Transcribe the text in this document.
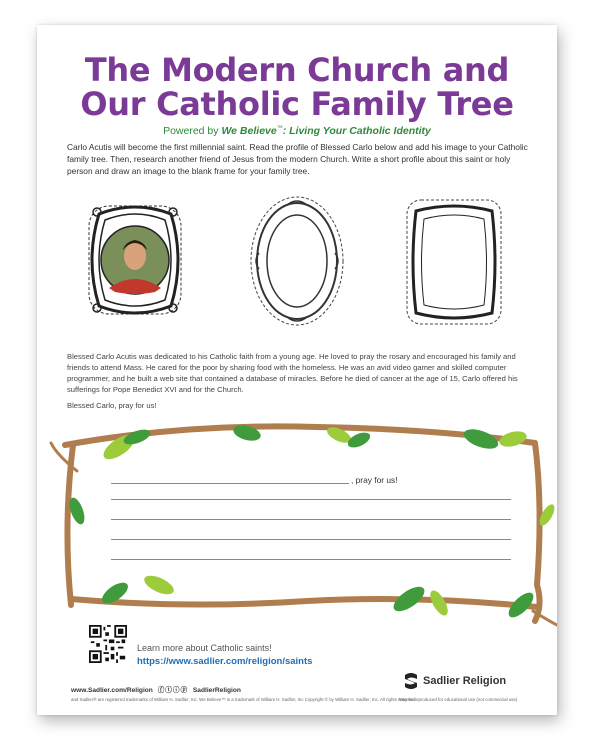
The Modern Church and
Our Catholic Family Tree
Powered by We Believe™: Living Your Catholic Identity
Carlo Acutis will become the first millennial saint. Read the profile of Blessed Carlo below and add his image to your Catholic family tree. Then, research another friend of Jesus from the modern Church. Write a short profile about this saint or holy person and draw an image to the blank frame for your family tree.

Blessed Carlo Acutis was dedicated to his Catholic faith from a young age. He loved to pray the rosary and encouraged his family and friends to attend Mass. He cared for the poor by sharing food with the homeless. He was an avid video gamer and skilled computer programmer, and he built a web site that contained a database of miracles. Before he died of cancer at the age of 15, Carlo offered his sufferings for Pope Benedict XVI and for the Church.

Blessed Carlo, pray for us!

, pray for us!
Learn more about Catholic saints!
https://www.sadlier.com/religion/saints
www.Sadlier.com/Religion ⓕⓣⓘⓟ SadlierReligion
and Sadlier® are registered trademarks of William H. Sadlier, Inc. We Believe™ is a trademark of William H. Sadlier, Inc Copyright © by William H. Sadlier, Inc. All rights reserved.
May be reproduced for educational use (not commercial use).
Sadlier Religion
